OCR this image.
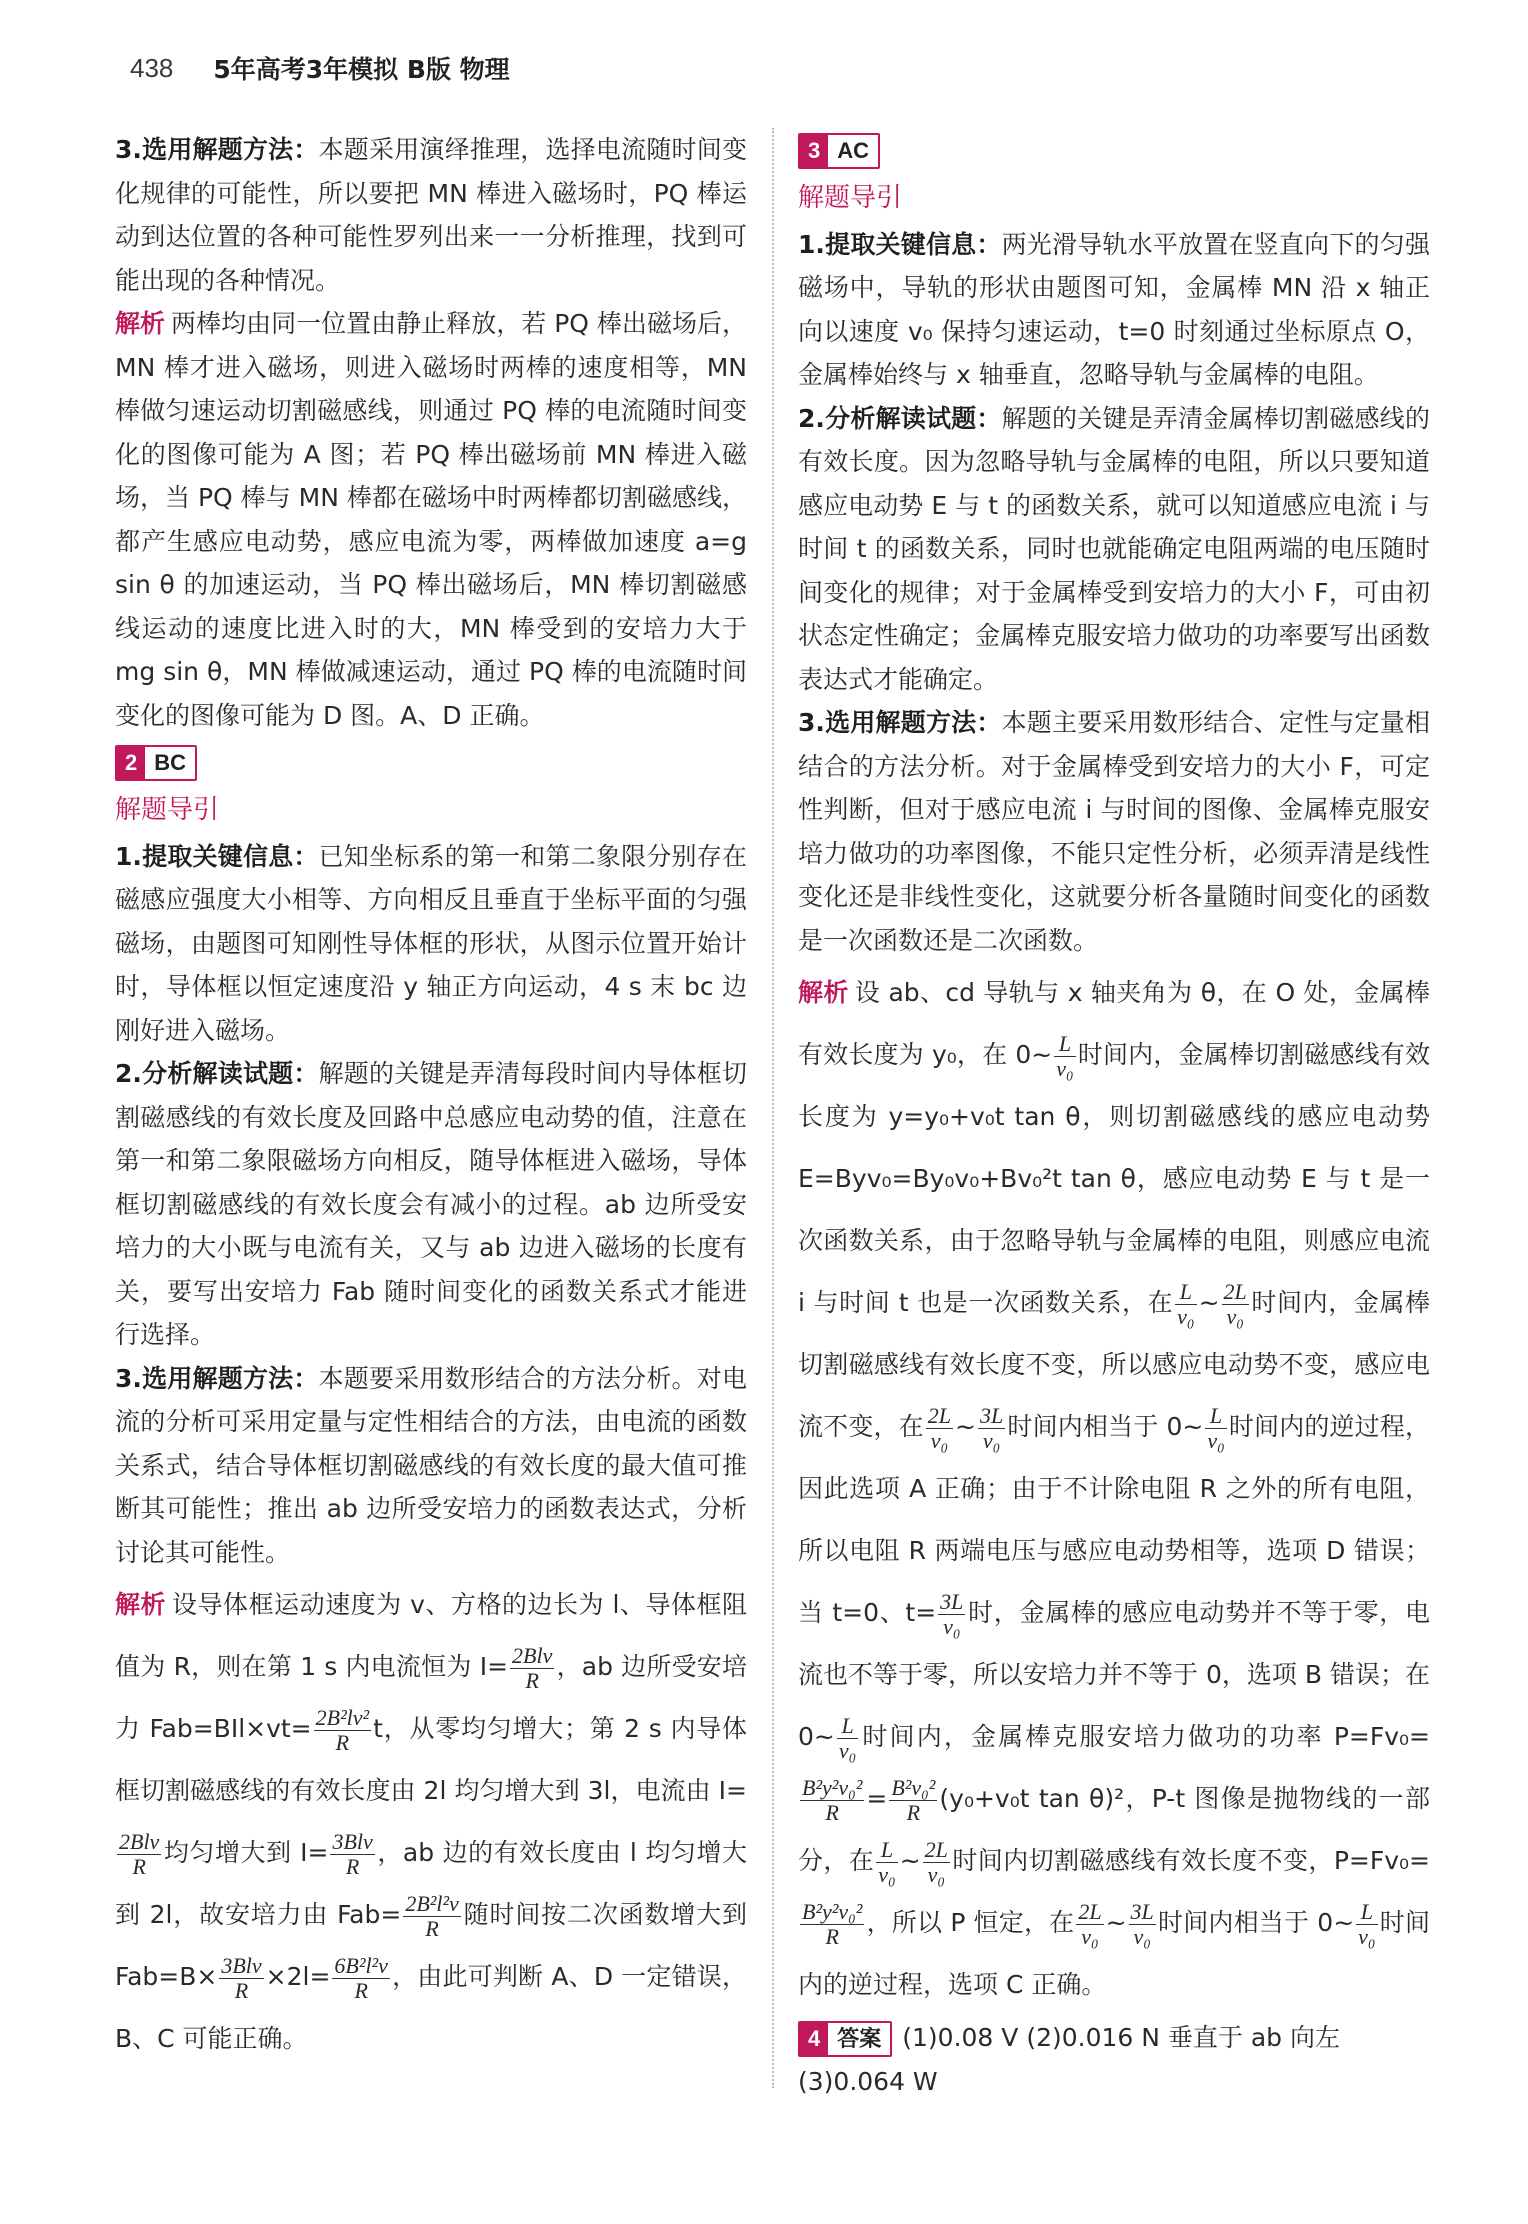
438 5年高考3年模拟 B版 物理

3.选用解题方法：本题采用演绎推理，选择电流随时间变化规律的可能性，所以要把 MN 棒进入磁场时，PQ 棒运动到达位置的各种可能性罗列出来一一分析推理，找到可能出现的各种情况。

解析 两棒均由同一位置由静止释放，若 PQ 棒出磁场后，MN 棒才进入磁场，则进入磁场时两棒的速度相等，MN 棒做匀速运动切割磁感线，则通过 PQ 棒的电流随时间变化的图像可能为 A 图；若 PQ 棒出磁场前 MN 棒进入磁场，当 PQ 棒与 MN 棒都在磁场中时两棒都切割磁感线，都产生感应电动势，感应电流为零，两棒做加速度 a=g sin θ 的加速运动，当 PQ 棒出磁场后，MN 棒切割磁感线运动的速度比进入时的大，MN 棒受到的安培力大于 mg sin θ，MN 棒做减速运动，通过 PQ 棒的电流随时间变化的图像可能为 D 图。A、D 正确。

2 BC
解题导引

1.提取关键信息：已知坐标系的第一和第二象限分别存在磁感应强度大小相等、方向相反且垂直于坐标平面的匀强磁场，由题图可知刚性导体框的形状，从图示位置开始计时，导体框以恒定速度沿 y 轴正方向运动，4 s 末 bc 边刚好进入磁场。

2.分析解读试题：解题的关键是弄清每段时间内导体框切割磁感线的有效长度及回路中总感应电动势的值，注意在第一和第二象限磁场方向相反，随导体框进入磁场，导体框切割磁感线的有效长度会有减小的过程。ab 边所受安培力的大小既与电流有关，又与 ab 边进入磁场的长度有关，要写出安培力 Fab 随时间变化的函数关系式才能进行选择。

3.选用解题方法：本题要采用数形结合的方法分析。对电流的分析可采用定量与定性相结合的方法，由电流的函数关系式，结合导体框切割磁感线的有效长度的最大值可推断其可能性；推出 ab 边所受安培力的函数表达式，分析讨论其可能性。

解析 设导体框运动速度为 v、方格的边长为 l、导体框阻值为 R，则在第 1 s 内电流恒为 $I= \frac{\text{2Blv}}{R}$ ，ab 边所受安培力 $Fab=BIl\times vt= \frac{\text{2B²lv²}}{R}$ t，从零均匀增大；第 2 s 内导体框切割磁感线的有效长度由 2l 均匀增大到 3l，电流由 I=
$\frac{\text{2Blv}}{R}$ 均匀增大到 $I= \frac{\text{3Blv}}{R}$ ，ab 边的有效长度由 l 均匀增大到 2l，故安培力由 $Fab= \frac{\text{2B²l²v}}{R}$ 随时间按二次函数增大到$Fab=B\times \frac{\text{3Blv}}{R} \times 2l= \frac{\text{6B²l²v}}{R}$ ，由此可判断 A、D 一定错误，B、C 可能正确。

3 AC
解题导引

1.提取关键信息：两光滑导轨水平放置在竖直向下的匀强磁场中，导轨的形状由题图可知，金属棒 MN 沿 x 轴正向以速度 v₀ 保持匀速运动，t=0 时刻通过坐标原点 O，金属棒始终与 x 轴垂直，忽略导轨与金属棒的电阻。

2.分析解读试题：解题的关键是弄清金属棒切割磁感线的有效长度。因为忽略导轨与金属棒的电阻，所以只要知道感应电动势 E 与 t 的函数关系，就可以知道感应电流 i 与时间 t 的函数关系，同时也就能确定电阻两端的电压随时间变化的规律；对于金属棒受到安培力的大小 F，可由初状态定性确定；金属棒克服安培力做功的功率要写出函数表达式才能确定。

3.选用解题方法：本题主要采用数形结合、定性与定量相结合的方法分析。对于金属棒受到安培力的大小 F，可定性判断，但对于感应电流 i 与时间的图像、金属棒克服安培力做功的功率图像，不能只定性分析，必须弄清是线性变化还是非线性变化，这就要分析各量随时间变化的函数是一次函数还是二次函数。

解析 设 ab、cd 导轨与 x 轴夹角为 θ，在 O 处，金属棒有效长度为 y₀，在 0~ $\frac{L}{\text{v₀}}$ 时间内，金属棒切割磁感线有效长度为 y=y₀+v₀t tan θ，则切割磁感线的感应电动势 E=Byv₀=By₀v₀+Bv₀²t tan θ，感应电动势 E 与 t 是一次函数关系，由于忽略导轨与金属棒的电阻，则感应电流 i 与时间 t 也是一次函数关系，在 $\frac{L}{\text{v₀}}$ ~ $\frac{2L}{\text{v₀}}$ 时间内，金属棒切割磁感线有效长度不变，所以感应电动势不变，感应电流不变，在 $\frac{2L}{\text{v₀}}$ ~ $\frac{3L}{\text{v₀}}$ 时间内相当于 0~ $\frac{L}{\text{v₀}}$ 时间内的逆过程，因此选项 A 正确；由于不计除电阻 R 之外的所有电阻，所以电阻 R 两端电压与感应电动势相等，选项 D 错误；当 t=0、$t= \frac{3L}{\text{v₀}}$ 时，金属棒的感应电动势并不等于零，电流也不等于零，所以安培力并不等于 0，选项 B 错误；在 0~ $\frac{L}{\text{v₀}}$ 时间内，金属棒克服安培力做功的功率 P=Fv₀=
$\frac{\text{B²y²v₀²}}{R} = \frac{\text{B²v₀²}}{R} (y_0+v_0t$ tan θ)²，P-t 图像是抛物线的一部分，在 $\frac{L}{\text{v₀}}$ ~ $\frac{2L}{\text{v₀}}$ 时间内切割磁感线有效长度不变，P=Fv₀=
$\frac{\text{B²y²v₀²}}{R}$ ，所以 P 恒定，在 $\frac{2L}{\text{v₀}}$ ~ $\frac{3L}{\text{v₀}}$ 时间内相当于 0~ $\frac{L}{\text{v₀}}$ 时间内的逆过程，选项 C 正确。

4 答案 (1)0.08 V (2)0.016 N 垂直于 ab 向左

(3)0.064 W
